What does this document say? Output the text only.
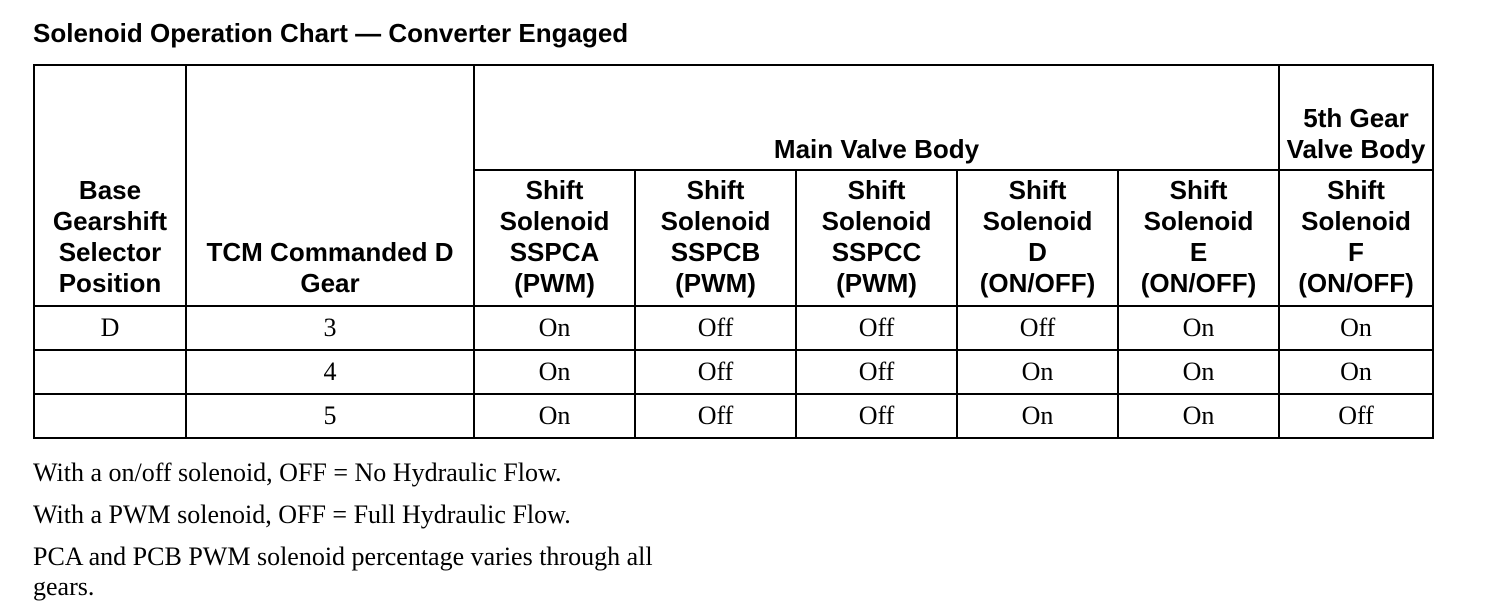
Solenoid Operation Chart — Converter Engaged
Base Gearshift Selector Position	TCM Commanded D Gear	Main Valve Body					5th Gear Valve Body
		Shift
Solenoid
SSPCA
(PWM)	Shift
Solenoid
SSPCB
(PWM)	Shift
Solenoid
SSPCC
(PWM)	Shift
Solenoid
D
(ON/OFF)	Shift
Solenoid
E
(ON/OFF)	Shift
Solenoid
F
(ON/OFF)
D	3	On	Off	Off	Off	On	On
	4	On	Off	Off	On	On	On
	5	On	Off	Off	On	On	Off

With a on/off solenoid, OFF = No Hydraulic Flow.

With a PWM solenoid, OFF = Full Hydraulic Flow.

PCA and PCB PWM solenoid percentage varies through all gears.
